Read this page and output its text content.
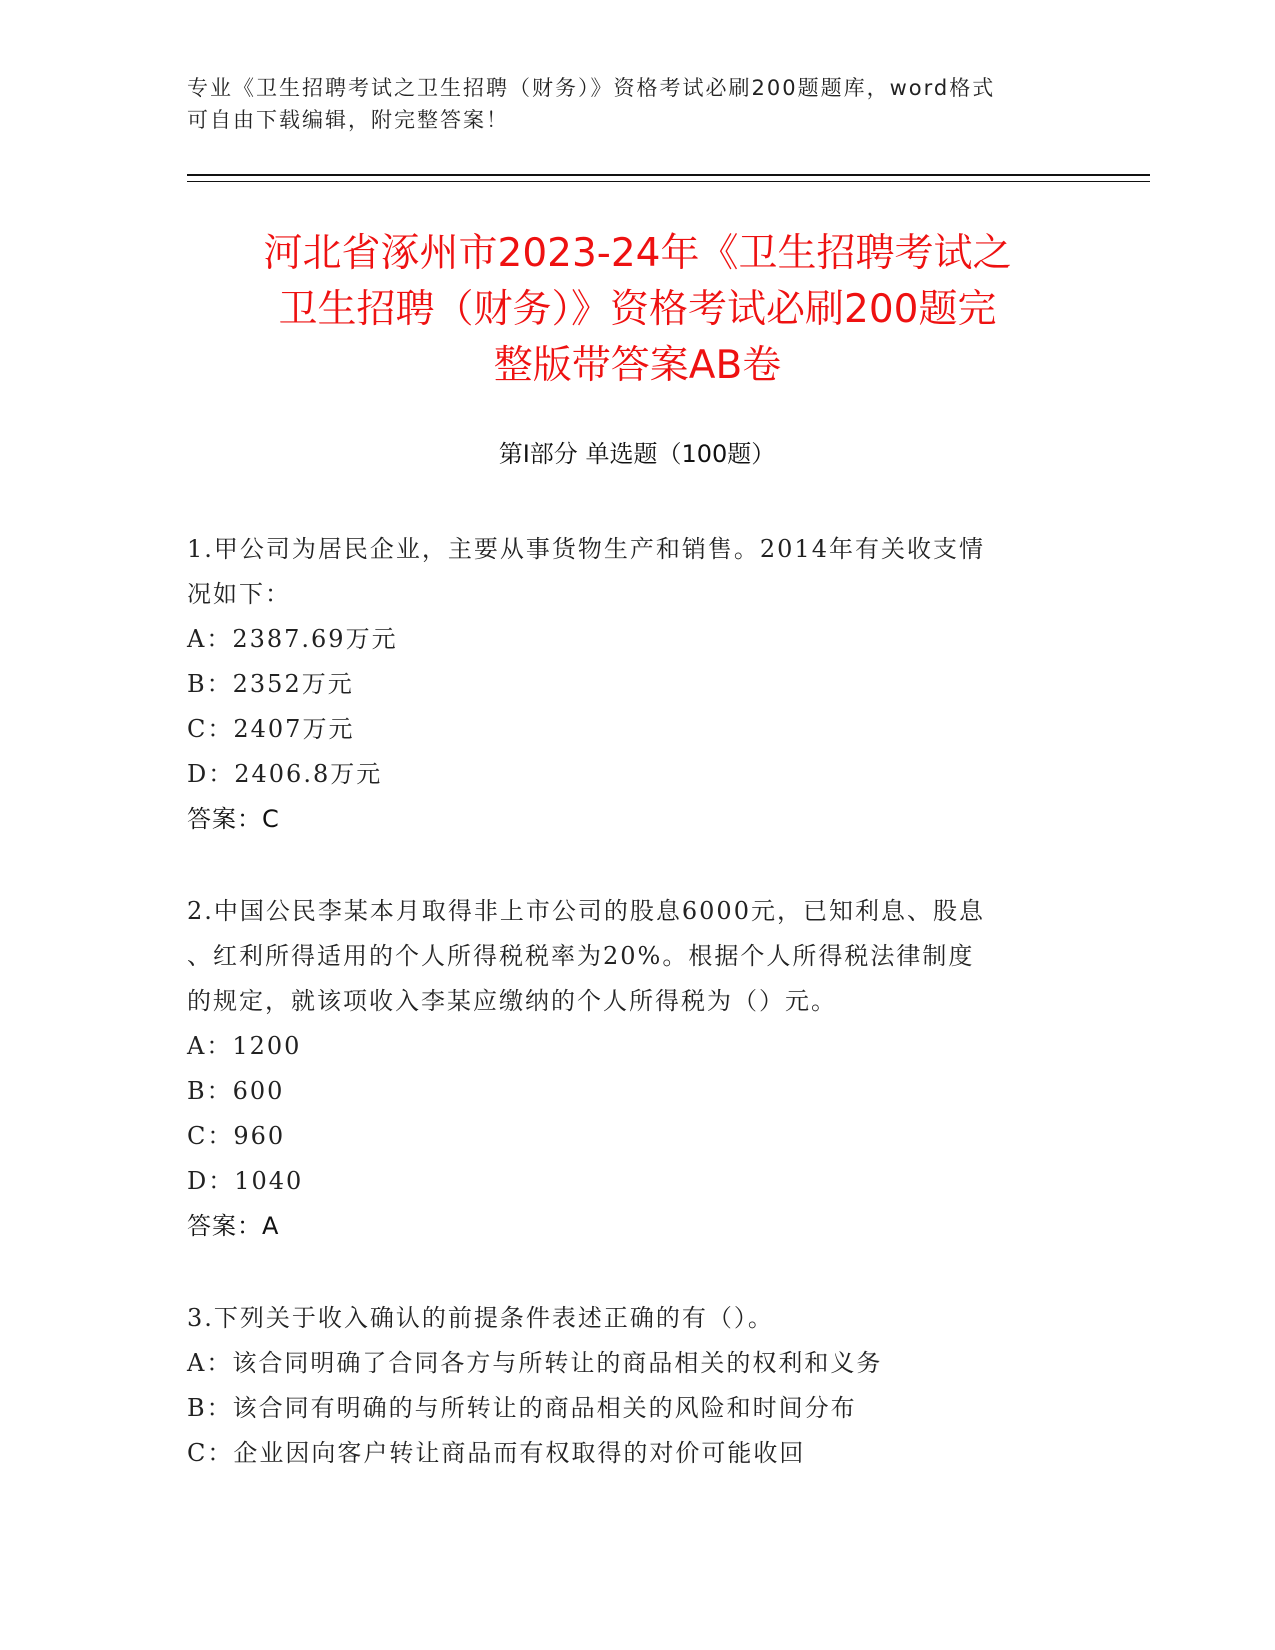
专业《卫生招聘考试之卫生招聘（财务）》资格考试必刷200题题库，word格式
可自由下载编辑，附完整答案！
河北省涿州市2023-24年《卫生招聘考试之
卫生招聘（财务）》资格考试必刷200题完
整版带答案AB卷
第Ⅰ部分 单选题（100题）
1.甲公司为居民企业，主要从事货物生产和销售。2014年有关收支情
况如下：
A：2387.69万元
B：2352万元
C：2407万元
D：2406.8万元
答案：C
2.中国公民李某本月取得非上市公司的股息6000元，已知利息、股息
、红利所得适用的个人所得税税率为20%。根据个人所得税法律制度
的规定，就该项收入李某应缴纳的个人所得税为（）元。
A：1200
B：600
C：960
D：1040
答案：A
3.下列关于收入确认的前提条件表述正确的有（）。
A：该合同明确了合同各方与所转让的商品相关的权利和义务
B：该合同有明确的与所转让的商品相关的风险和时间分布
C：企业因向客户转让商品而有权取得的对价可能收回
